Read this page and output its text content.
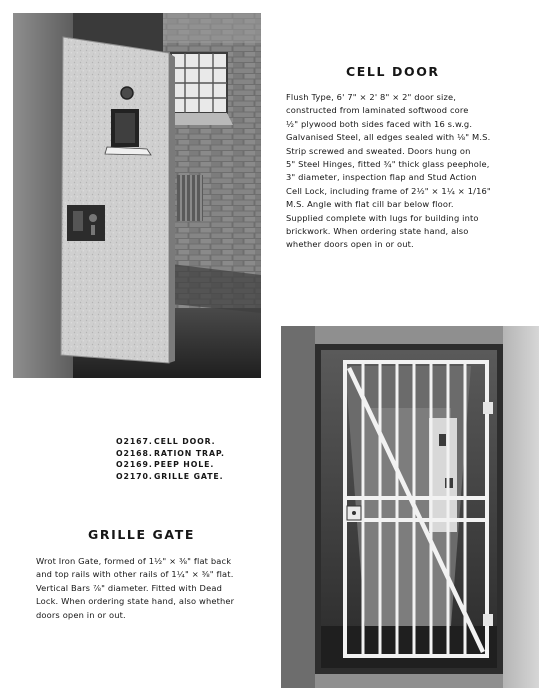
CELL DOOR

Flush Type, 6' 7" × 2' 8" × 2" door size,
constructed from laminated softwood core
½" plywood both sides faced with 16 s.w.g.
Galvanised Steel, all edges sealed with ⅛" M.S.
Strip screwed and sweated. Doors hung on
5" Steel Hinges, fitted ¾" thick glass peephole,
3" diameter, inspection flap and Stud Action
Cell Lock, including frame of 2½" × 1¼ × 1/16"
M.S. Angle with flat cill bar below floor.
Supplied complete with lugs for building into
brickwork. When ordering state hand, also
whether doors open in or out.

O2167.CELL DOOR.
O2168.RATION TRAP.
O2169.PEEP HOLE.
O2170.GRILLE GATE.
GRILLE GATE

Wrot Iron Gate, formed of 1½" × ⅜" flat back
and top rails with other rails of 1¼" × ⅜" flat.
Vertical Bars ⅞" diameter. Fitted with Dead
Lock. When ordering state hand, also whether
doors open in or out.
